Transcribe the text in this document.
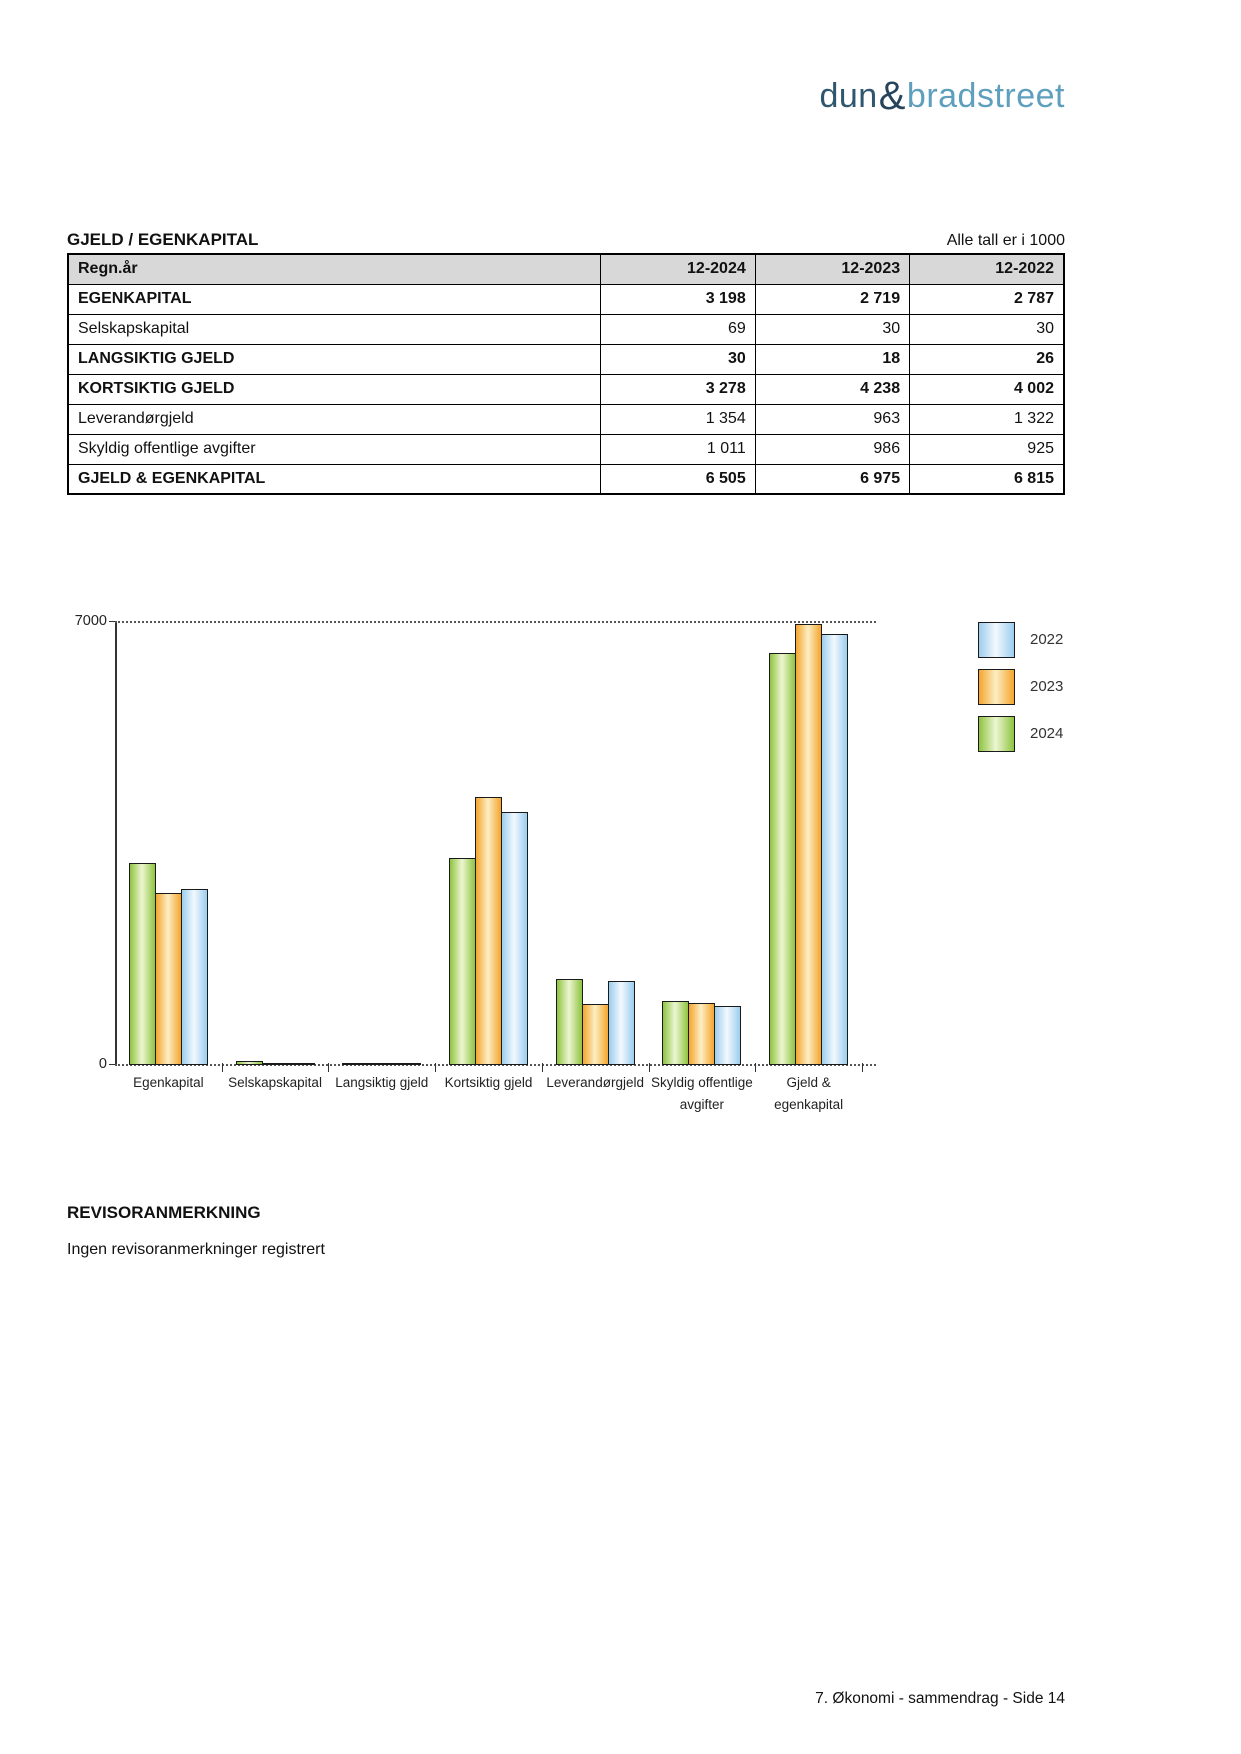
dun&bradstreet
GJELD / EGENKAPITAL	Alle tall er i 1000
Regn.år	12-2024	12-2023	12-2022
EGENKAPITAL	3 198	2 719	2 787
Selskapskapital	69	30	30
LANGSIKTIG GJELD	30	18	26
KORTSIKTIG GJELD	3 278	4 238	4 002
Leverandørgjeld	1 354	963	1 322
Skyldig offentlige avgifter	1 011	986	925
GJELD & EGENKAPITAL	6 505	6 975	6 815
0
7000
Egenkapital	Selskapskapital Langsiktig gjeld	Kortsiktig gjeld	Leverandørgjeld Skyldig offentlige
avgifter
Gjeld &
egenkapital
2022
2023
2024
REVISORANMERKNING
Ingen revisoranmerkninger registrert
7. Økonomi - sammendrag - Side 14
